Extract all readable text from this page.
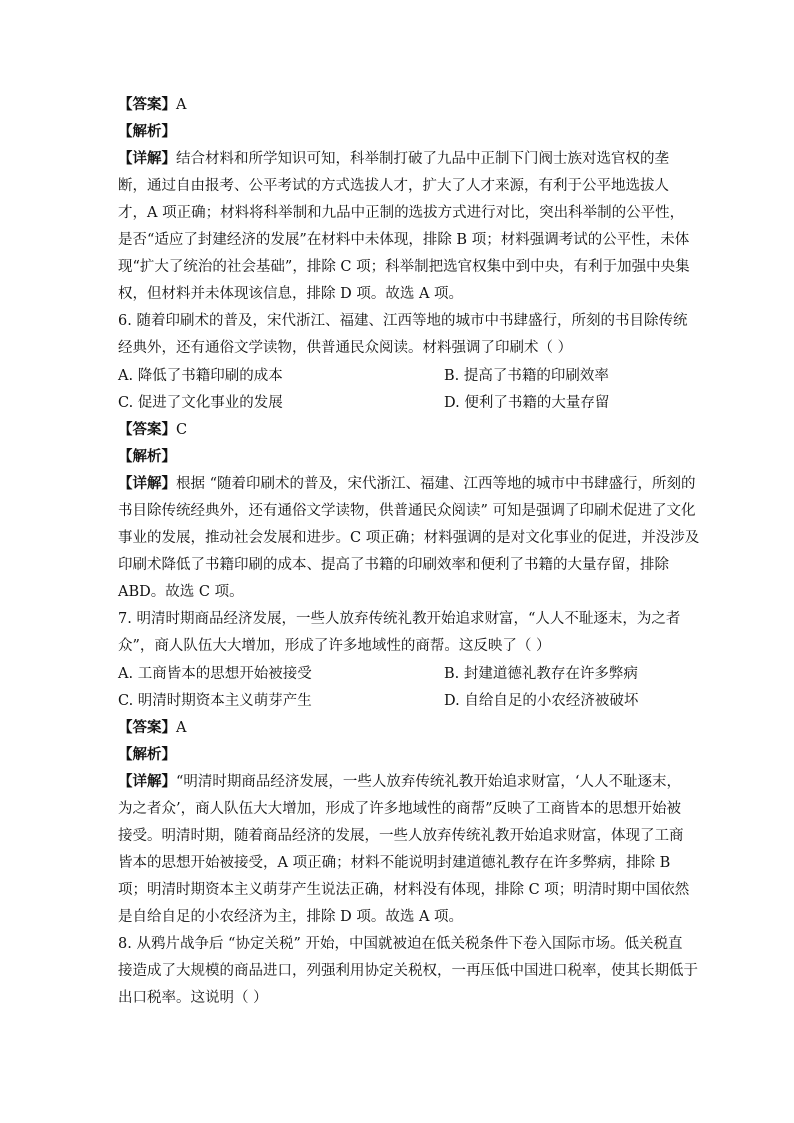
【答案】A
【解析】
【详解】结合材料和所学知识可知，科举制打破了九品中正制下门阀士族对选官权的垄
断，通过自由报考、公平考试的方式选拔人才，扩大了人才来源，有利于公平地选拔人
才，A 项正确；材料将科举制和九品中正制的选拔方式进行对比，突出科举制的公平性，
是否“适应了封建经济的发展”在材料中未体现，排除 B 项；材料强调考试的公平性，未体
现“扩大了统治的社会基础”，排除 C 项；科举制把选官权集中到中央，有利于加强中央集
权，但材料并未体现该信息，排除 D 项。故选 A 项。
6. 随着印刷术的普及，宋代浙江、福建、江西等地的城市中书肆盛行，所刻的书目除传统
经典外，还有通俗文学读物，供普通民众阅读。材料强调了印刷术（ ）
A. 降低了书籍印刷的成本	B. 提高了书籍的印刷效率
C. 促进了文化事业的发展	D. 便利了书籍的大量存留
【答案】C
【解析】
【详解】根据 “随着印刷术的普及，宋代浙江、福建、江西等地的城市中书肆盛行，所刻的
书目除传统经典外，还有通俗文学读物，供普通民众阅读” 可知是强调了印刷术促进了文化
事业的发展，推动社会发展和进步。C 项正确；材料强调的是对文化事业的促进，并没涉及
印刷术降低了书籍印刷的成本、提高了书籍的印刷效率和便利了书籍的大量存留，排除
ABD。故选 C 项。
7. 明清时期商品经济发展，一些人放弃传统礼教开始追求财富，“人人不耻逐末，为之者
众”，商人队伍大大增加，形成了许多地域性的商帮。这反映了（ ）
A. 工商皆本的思想开始被接受	B. 封建道德礼教存在许多弊病
C. 明清时期资本主义萌芽产生	D. 自给自足的小农经济被破坏
【答案】A
【解析】
【详解】“明清时期商品经济发展，一些人放弃传统礼教开始追求财富，‘人人不耻逐末，
为之者众’，商人队伍大大增加，形成了许多地域性的商帮”反映了工商皆本的思想开始被
接受。明清时期，随着商品经济的发展，一些人放弃传统礼教开始追求财富，体现了工商
皆本的思想开始被接受，A 项正确；材料不能说明封建道德礼教存在许多弊病，排除 B
项；明清时期资本主义萌芽产生说法正确，材料没有体现，排除 C 项；明清时期中国依然
是自给自足的小农经济为主，排除 D 项。故选 A 项。
8. 从鸦片战争后 “协定关税” 开始，中国就被迫在低关税条件下卷入国际市场。低关税直
接造成了大规模的商品进口，列强利用协定关税权，一再压低中国进口税率，使其长期低于
出口税率。这说明（ ）
